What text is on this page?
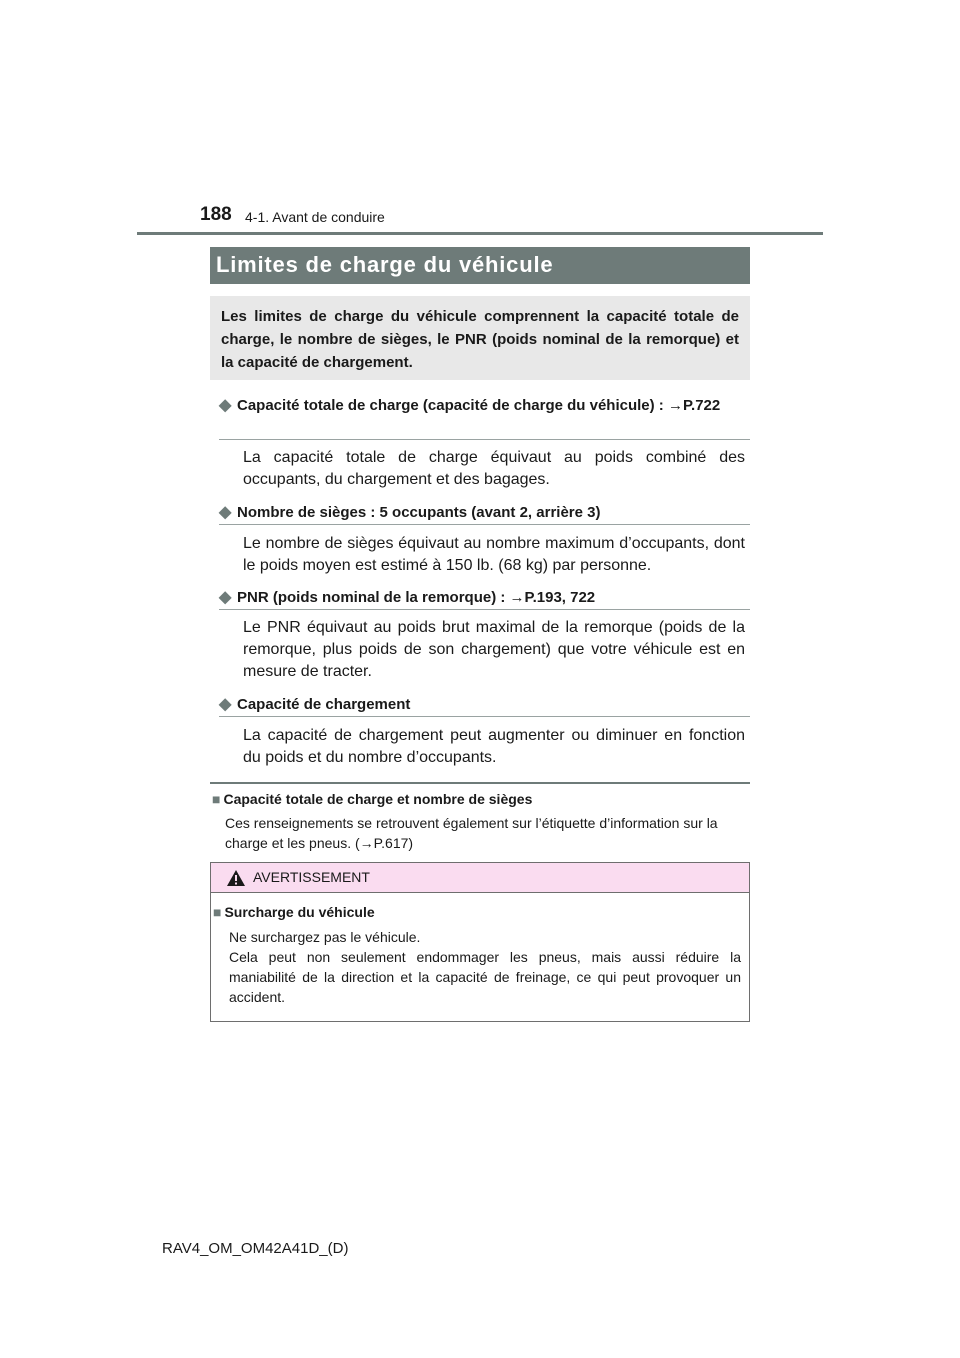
188 4-1. Avant de conduire
Limites de charge du véhicule
Les limites de charge du véhicule comprennent la capacité totale de charge, le nombre de sièges, le PNR (poids nominal de la remorque) et la capacité de chargement.
◆ Capacité totale de charge (capacité de charge du véhicule) : →P.722
La capacité totale de charge équivaut au poids combiné des occupants, du chargement et des bagages.
◆ Nombre de sièges : 5 occupants (avant 2, arrière 3)
Le nombre de sièges équivaut au nombre maximum d’occupants, dont le poids moyen est estimé à 150 lb. (68 kg) par personne.
◆ PNR (poids nominal de la remorque) : →P.193, 722
Le PNR équivaut au poids brut maximal de la remorque (poids de la remorque, plus poids de son chargement) que votre véhicule est en mesure de tracter.
◆ Capacité de chargement
La capacité de chargement peut augmenter ou diminuer en fonction du poids et du nombre d’occupants.
■ Capacité totale de charge et nombre de sièges
Ces renseignements se retrouvent également sur l’étiquette d’information sur la charge et les pneus. (→P.617)
AVERTISSEMENT
■ Surcharge du véhicule
Ne surchargez pas le véhicule.
Cela peut non seulement endommager les pneus, mais aussi réduire la maniabilité de la direction et la capacité de freinage, ce qui peut provoquer un accident.
RAV4_OM_OM42A41D_(D)
